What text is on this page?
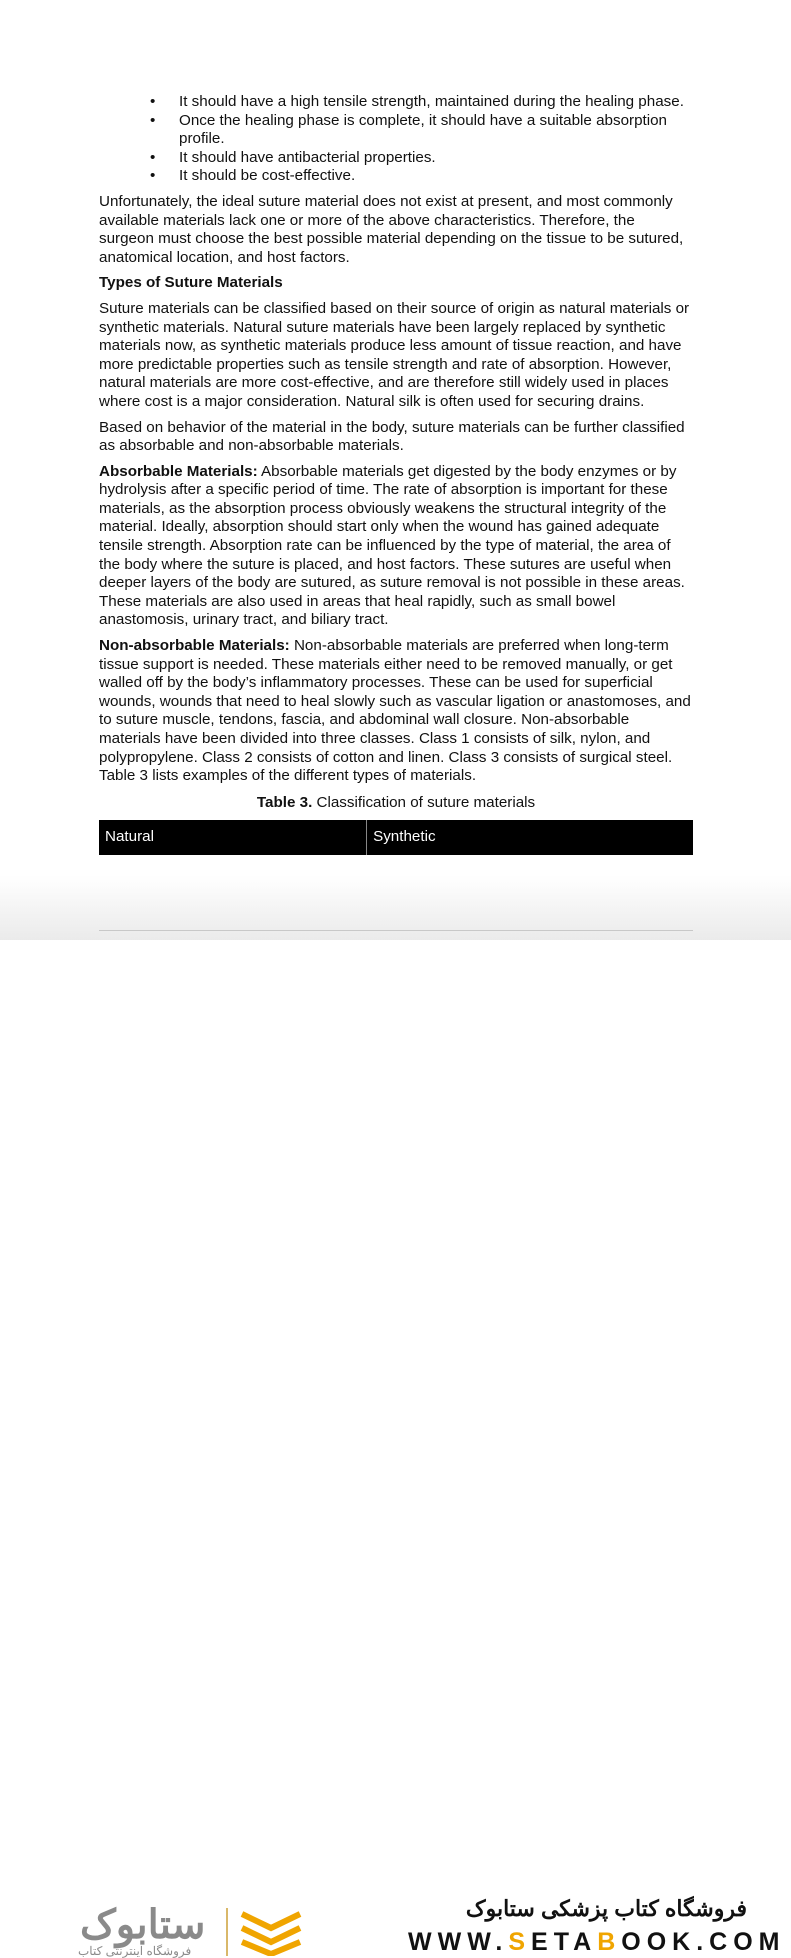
• It should have a high tensile strength, maintained during the healing phase.
• Once the healing phase is complete, it should have a suitable absorption profile.
• It should have antibacterial properties.
• It should be cost-effective.

Unfortunately, the ideal suture material does not exist at present, and most commonly available materials lack one or more of the above characteristics. Therefore, the surgeon must choose the best possible material depending on the tissue to be sutured, anatomical location, and host factors.

Types of Suture Materials

Suture materials can be classified based on their source of origin as natural materials or synthetic materials. Natural suture materials have been largely replaced by synthetic materials now, as synthetic materials produce less amount of tissue reaction, and have more predictable properties such as tensile strength and rate of absorption. However, natural materials are more cost-effective, and are therefore still widely used in places where cost is a major consideration. Natural silk is often used for securing drains.

Based on behavior of the material in the body, suture materials can be further classified as absorbable and non-absorbable materials.

Absorbable Materials: Absorbable materials get digested by the body enzymes or by hydrolysis after a specific period of time. The rate of absorption is important for these materials, as the absorption process obviously weakens the structural integrity of the material. Ideally, absorption should start only when the wound has gained adequate tensile strength. Absorption rate can be influenced by the type of material, the area of the body where the suture is placed, and host factors. These sutures are useful when deeper layers of the body are sutured, as suture removal is not possible in these areas. These materials are also used in areas that heal rapidly, such as small bowel anastomosis, urinary tract, and biliary tract.

Non-absorbable Materials: Non-absorbable materials are preferred when long-term tissue support is needed. These materials either need to be removed manually, or get walled off by the body’s inflammatory processes. These can be used for superficial wounds, wounds that need to heal slowly such as vascular ligation or anastomoses, and to suture muscle, tendons, fascia, and abdominal wall closure. Non-absorbable materials have been divided into three classes. Class 1 consists of silk, nylon, and polypropylene. Class 2 consists of cotton and linen. Class 3 consists of surgical steel. Table 3 lists examples of the different types of materials.

Table 3. Classification of suture materials

Natural	Synthetic
ستابوک
فروشگاه اینترنتی کتاب
فروشگاه کتاب پزشکی ستابوک
WWW.SETABOOK.COM
